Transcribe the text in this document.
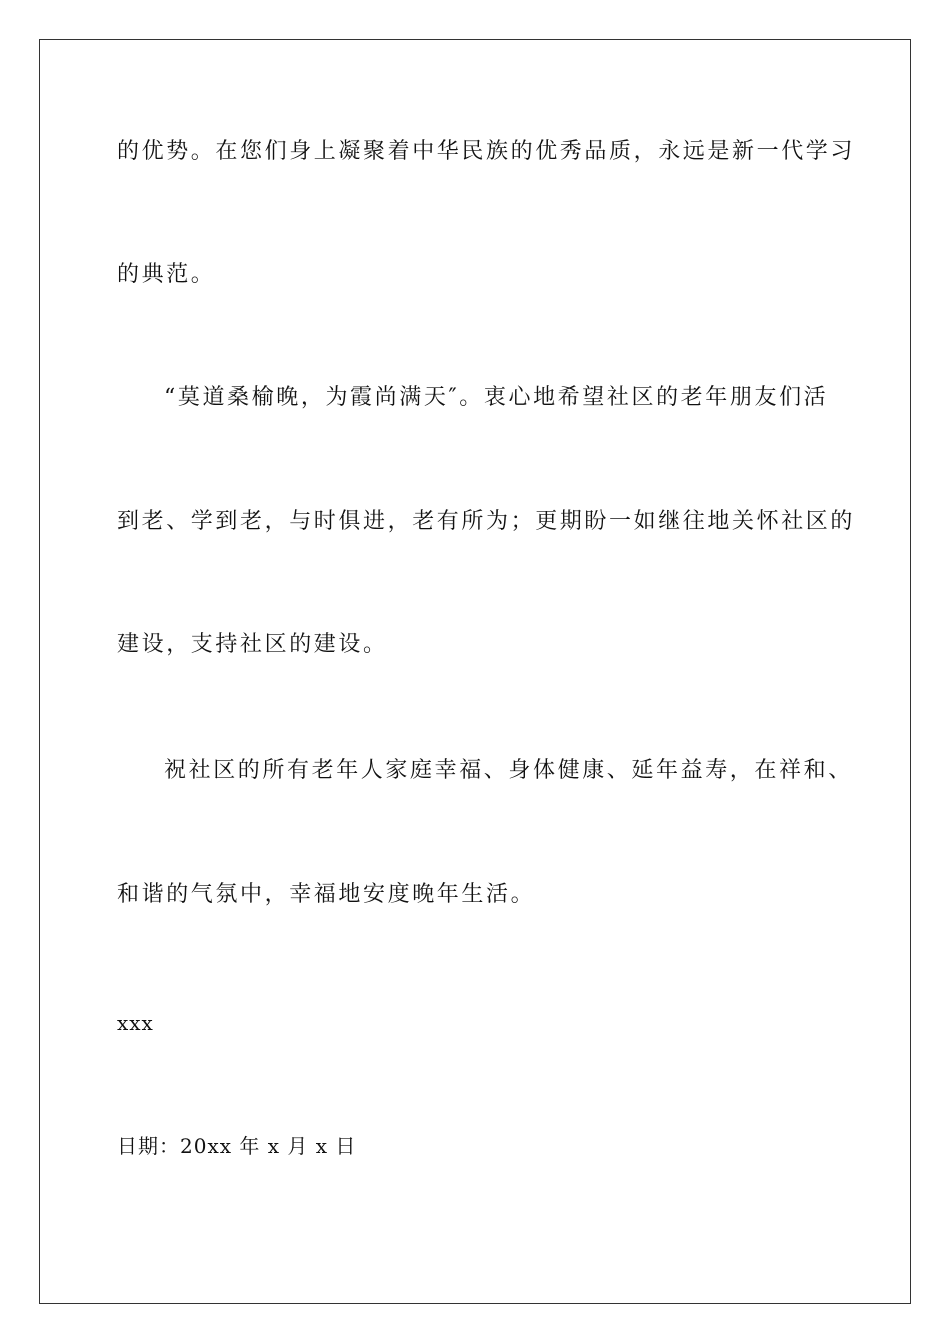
的优势。在您们身上凝聚着中华民族的优秀品质，永远是新一代学习
的典范。
“莫道桑榆晚，为霞尚满天″。衷心地希望社区的老年朋友们活
到老、学到老，与时俱进，老有所为；更期盼一如继往地关怀社区的
建设，支持社区的建设。
祝社区的所有老年人家庭幸福、身体健康、延年益寿，在祥和、
和谐的气氛中，幸福地安度晚年生活。
xxx
日期：20xx 年 x 月 x 日
